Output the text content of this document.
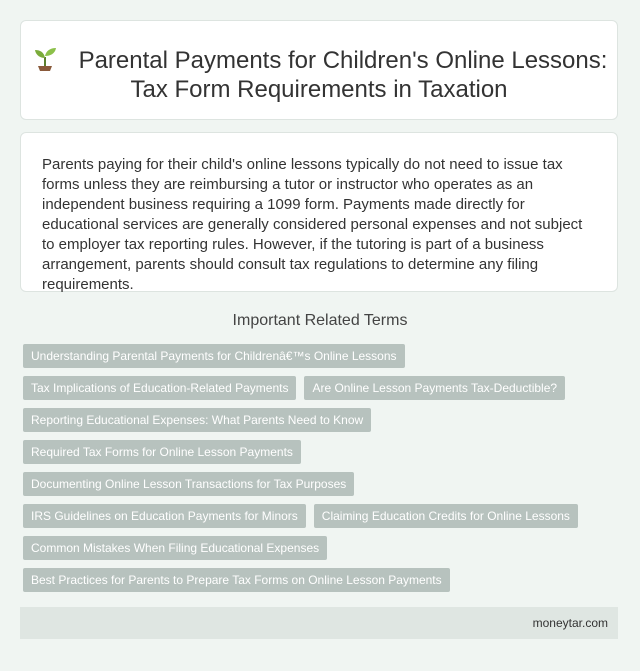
Parental Payments for Children's Online Lessons: Tax Form Requirements in Taxation

Parents paying for their child's online lessons typically do not need to issue tax forms unless they are reimbursing a tutor or instructor who operates as an independent business requiring a 1099 form. Payments made directly for educational services are generally considered personal expenses and not subject to employer tax reporting rules. However, if the tutoring is part of a business arrangement, parents should consult tax regulations to determine any filing requirements.

Important Related Terms
Understanding Parental Payments for Childrenâ€™s Online Lessons
Tax Implications of Education-Related Payments	Are Online Lesson Payments Tax-Deductible?
Reporting Educational Expenses: What Parents Need to Know
Required Tax Forms for Online Lesson Payments
Documenting Online Lesson Transactions for Tax Purposes
IRS Guidelines on Education Payments for Minors	Claiming Education Credits for Online Lessons
Common Mistakes When Filing Educational Expenses
Best Practices for Parents to Prepare Tax Forms on Online Lesson Payments
moneytar.com
